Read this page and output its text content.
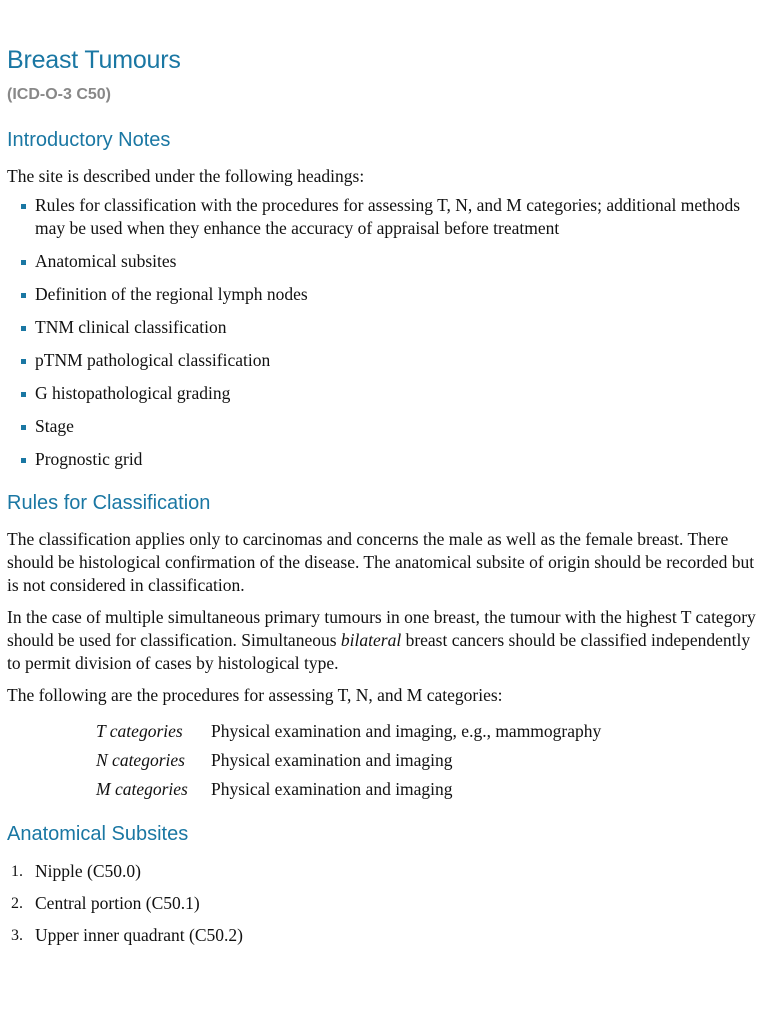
Breast Tumours
(ICD-O-3 C50)
Introductory Notes

The site is described under the following headings:

Rules for classification with the procedures for assessing T, N, and M categories; additional methods may be used when they enhance the accuracy of appraisal before treatment
Anatomical subsites
Definition of the regional lymph nodes
TNM clinical classification
pTNM pathological classification
G histopathological grading
Stage
Prognostic grid
Rules for Classification

The classification applies only to carcinomas and concerns the male as well as the female breast. There should be histological confirmation of the disease. The anatomical subsite of origin should be recorded but is not considered in classification.

In the case of multiple simultaneous primary tumours in one breast, the tumour with the highest T category should be used for classification. Simultaneous bilateral breast cancers should be classified independently to permit division of cases by histological type.

The following are the procedures for assessing T, N, and M categories:

T categories	Physical examination and imaging, e.g., mammography
N categories	Physical examination and imaging
M categories	Physical examination and imaging
Anatomical Subsites
1. Nipple (C50.0)
2. Central portion (C50.1)
3. Upper inner quadrant (C50.2)
